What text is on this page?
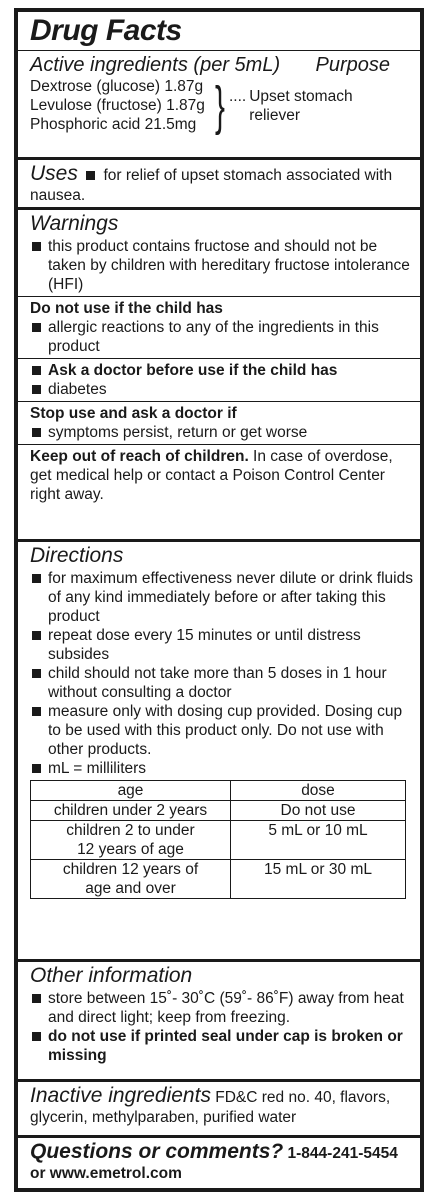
Drug Facts
Active ingredients (per 5mL) Purpose
Dextrose (glucose) 1.87g
Levulose (fructose) 1.87g
Phosphoric acid 21.5mg } .... Upset stomach reliever
Uses for relief of upset stomach associated with nausea.
Warnings
this product contains fructose and should not be taken by children with hereditary fructose intolerance (HFI)
Do not use if the child has
allergic reactions to any of the ingredients in this product
Ask a doctor before use if the child has
diabetes
Stop use and ask a doctor if
symptoms persist, return or get worse
Keep out of reach of children. In case of overdose, get medical help or contact a Poison Control Center right away.
Directions
for maximum effectiveness never dilute or drink fluids of any kind immediately before or after taking this product
repeat dose every 15 minutes or until distress subsides
child should not take more than 5 doses in 1 hour without consulting a doctor
measure only with dosing cup provided. Dosing cup to be used with this product only. Do not use with other products.
mL = milliliters
age	dose
children under 2 years	Do not use
children 2 to under 12 years of age	5 mL or 10 mL
children 12 years of age and over	15 mL or 30 mL
Other information
store between 15˚- 30˚C (59˚- 86˚F) away from heat and direct light; keep from freezing.
do not use if printed seal under cap is broken or missing
Inactive ingredients FD&C red no. 40, flavors, glycerin, methylparaben, purified water
Questions or comments? 1-844-241-5454
or www.emetrol.com
